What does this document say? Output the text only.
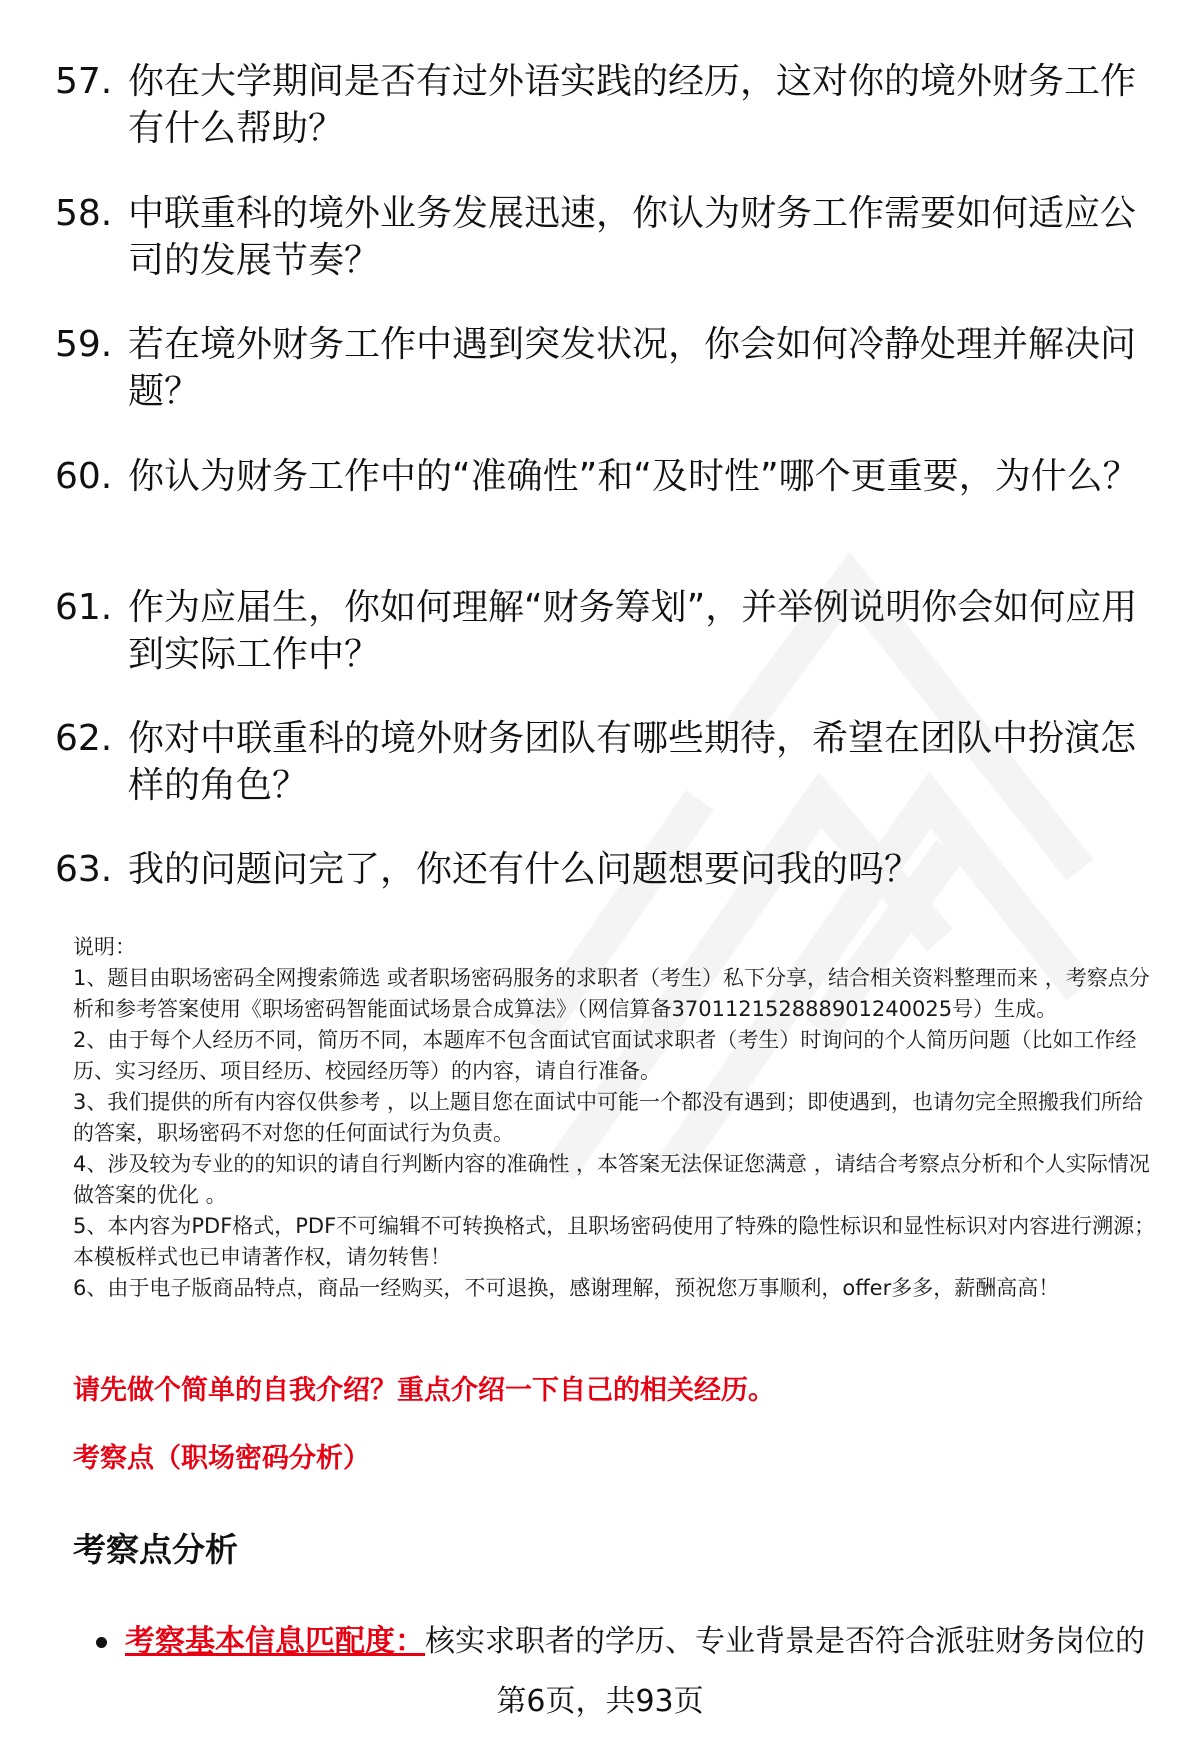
57. 你在大学期间是否有过外语实践的经历，这对你的境外财务工作有什么帮助？
58. 中联重科的境外业务发展迅速，你认为财务工作需要如何适应公司的发展节奏？
59. 若在境外财务工作中遇到突发状况，你会如何冷静处理并解决问题？
60. 你认为财务工作中的“准确性”和“及时性”哪个更重要，为什么？
61. 作为应届生，你如何理解“财务筹划”，并举例说明你会如何应用到实际工作中？
62. 你对中联重科的境外财务团队有哪些期待，希望在团队中扮演怎样的角色？
63. 我的问题问完了，你还有什么问题想要问我的吗？

说明：

1、题目由职场密码全网搜索筛选 或者职场密码服务的求职者（考生）私下分享，结合相关资料整理而来 ，考察点分析和参考答案使用《职场密码智能面试场景合成算法》（网信算备370112152888901240025号）生成。

2、由于每个人经历不同，简历不同，本题库不包含面试官面试求职者（考生）时询问的个人简历问题（比如工作经历、实习经历、项目经历、校园经历等）的内容，请自行准备。

3、我们提供的所有内容仅供参考 ，以上题目您在面试中可能一个都没有遇到；即使遇到，也请勿完全照搬我们所给的答案，职场密码不对您的任何面试行为负责。

4、涉及较为专业的的知识的请自行判断内容的准确性 ，本答案无法保证您满意 ，请结合考察点分析和个人实际情况做答案的优化 。

5、本内容为PDF格式，PDF不可编辑不可转换格式，且职场密码使用了特殊的隐性标识和显性标识对内容进行溯源；本模板样式也已申请著作权，请勿转售！

6、由于电子版商品特点，商品一经购买，不可退换，感谢理解，预祝您万事顺利，offer多多，薪酬高高！

请先做个简单的自我介绍？重点介绍一下自己的相关经历。
考察点（职场密码分析）
考察点分析
考察基本信息匹配度： 核实求职者的学历、专业背景是否符合派驻财务岗位的
第6页，共93页
